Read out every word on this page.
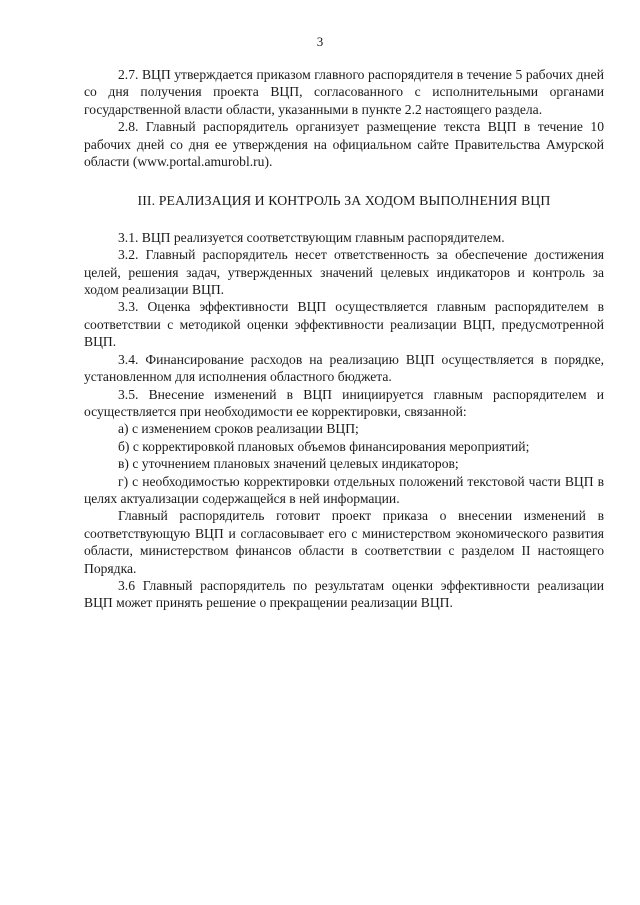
3

2.7. ВЦП утверждается приказом главного распорядителя в течение 5 рабочих дней со дня получения проекта ВЦП, согласованного с исполнительными органами государственной власти области, указанными в пункте 2.2 настоящего раздела.

2.8. Главный распорядитель организует размещение текста ВЦП в течение 10 рабочих дней со дня ее утверждения на официальном сайте Правительства Амурской области (www.portal.amurobl.ru).

III. РЕАЛИЗАЦИЯ И КОНТРОЛЬ ЗА ХОДОМ ВЫПОЛНЕНИЯ ВЦП

3.1. ВЦП реализуется соответствующим главным распорядителем.

3.2. Главный распорядитель несет ответственность за обеспечение достижения целей, решения задач, утвержденных значений целевых индикаторов и контроль за ходом реализации ВЦП.

3.3. Оценка эффективности ВЦП осуществляется главным распорядителем в соответствии с методикой оценки эффективности реализации ВЦП, предусмотренной ВЦП.

3.4. Финансирование расходов на реализацию ВЦП осуществляется в порядке, установленном для исполнения областного бюджета.

3.5. Внесение изменений в ВЦП инициируется главным распорядителем и осуществляется при необходимости ее корректировки, связанной:

а) с изменением сроков реализации ВЦП;

б) с корректировкой плановых объемов финансирования мероприятий;

в) с уточнением плановых значений целевых индикаторов;

г) с необходимостью корректировки отдельных положений текстовой части ВЦП в целях актуализации содержащейся в ней информации.

Главный распорядитель готовит проект приказа о внесении изменений в соответствующую ВЦП и согласовывает его с министерством экономического развития области, министерством финансов области в соответствии с разделом II настоящего Порядка.

3.6 Главный распорядитель по результатам оценки эффективности реализации ВЦП может принять решение о прекращении реализации ВЦП.
